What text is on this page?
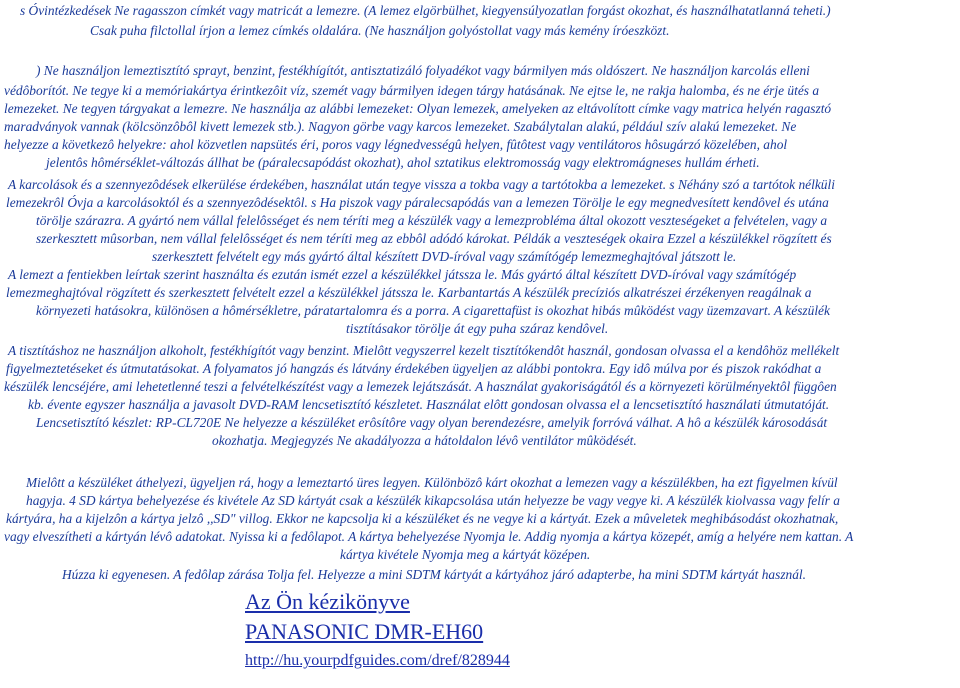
s Óvintézkedések Ne ragasszon címkét vagy matricát a lemezre. (A lemez elgörbülhet, kiegyensúlyozatlan forgást okozhat, és használhatatlanná teheti.)
Csak puha filctollal írjon a lemez címkés oldalára. (Ne használjon golyóstollat vagy más kemény íróeszközt.
) Ne használjon lemeztisztító sprayt, benzint, festékhígítót, antisztatizáló folyadékot vagy bármilyen más oldószert. Ne használjon karcolás elleni
védôborítót. Ne tegye ki a memóriakártya érintkezôit víz, szemét vagy bármilyen idegen tárgy hatásának. Ne ejtse le, ne rakja halomba, és ne érje ütés a
lemezeket. Ne tegyen tárgyakat a lemezre. Ne használja az alábbi lemezeket: Olyan lemezek, amelyeken az eltávolított címke vagy matrica helyén ragasztó
maradványok vannak (kölcsönzôbôl kivett lemezek stb.). Nagyon görbe vagy karcos lemezeket. Szabálytalan alakú, például szív alakú lemezeket. Ne
helyezze a következô helyekre: ahol közvetlen napsütés éri, poros vagy légnedvességû helyen, fûtôtest vagy ventilátoros hôsugárzó közelében, ahol
jelentôs hômérséklet-változás állhat be (páralecsapódást okozhat), ahol sztatikus elektromosság vagy elektromágneses hullám érheti.
A karcolások és a szennyezôdések elkerülése érdekében, használat után tegye vissza a tokba vagy a tartótokba a lemezeket. s Néhány szó a tartótok nélküli
lemezekrôl Óvja a karcolásoktól és a szennyezôdésektôl. s Ha piszok vagy páralecsapódás van a lemezen Törölje le egy megnedvesített kendôvel és utána
törölje szárazra. A gyártó nem vállal felelôsséget és nem téríti meg a készülék vagy a lemezprobléma által okozott veszteségeket a felvételen, vagy a
szerkesztett mûsorban, nem vállal felelôsséget és nem téríti meg az ebbôl adódó károkat. Példák a veszteségek okaira Ezzel a készülékkel rögzített és
szerkesztett felvételt egy más gyártó által készített DVD-íróval vagy számítógép lemezmeghajtóval játszott le.
A lemezt a fentiekben leírtak szerint használta és ezután ismét ezzel a készülékkel játssza le. Más gyártó által készített DVD-íróval vagy számítógép
lemezmeghajtóval rögzített és szerkesztett felvételt ezzel a készülékkel játssza le. Karbantartás A készülék precíziós alkatrészei érzékenyen reagálnak a
környezeti hatásokra, különösen a hômérsékletre, páratartalomra és a porra. A cigarettafüst is okozhat hibás mûködést vagy üzemzavart. A készülék
tisztításakor törölje át egy puha száraz kendôvel.
A tisztításhoz ne használjon alkoholt, festékhígítót vagy benzint. Mielôtt vegyszerrel kezelt tisztítókendôt használ, gondosan olvassa el a kendôhöz mellékelt
figyelmeztetéseket és útmutatásokat. A folyamatos jó hangzás és látvány érdekében ügyeljen az alábbi pontokra. Egy idô múlva por és piszok rakódhat a
készülék lencséjére, ami lehetetlenné teszi a felvételkészítést vagy a lemezek lejátszását. A használat gyakoriságától és a környezeti körülményektôl függôen
kb. évente egyszer használja a javasolt DVD-RAM lencsetisztító készletet. Használat elôtt gondosan olvassa el a lencsetisztító használati útmutatóját.
Lencsetisztító készlet: RP-CL720E Ne helyezze a készüléket erôsítôre vagy olyan berendezésre, amelyik forróvá válhat. A hô a készülék károsodását
okozhatja. Megjegyzés Ne akadályozza a hátoldalon lévô ventilátor mûködését.
Mielôtt a készüléket áthelyezi, ügyeljen rá, hogy a lemeztartó üres legyen. Különbözô kárt okozhat a lemezen vagy a készülékben, ha ezt figyelmen kívül
hagyja. 4 SD kártya behelyezése és kivétele Az SD kártyát csak a készülék kikapcsolása után helyezze be vagy vegye ki. A készülék kiolvassa vagy felír a
kártyára, ha a kijelzôn a kártya jelzô ,,SD" villog. Ekkor ne kapcsolja ki a készüléket és ne vegye ki a kártyát. Ezek a mûveletek meghibásodást okozhatnak,
vagy elveszítheti a kártyán lévô adatokat. Nyissa ki a fedôlapot. A kártya behelyezése Nyomja le. Addig nyomja a kártya közepét, amíg a helyére nem kattan. A
kártya kivétele Nyomja meg a kártyát középen.
Húzza ki egyenesen. A fedôlap zárása Tolja fel. Helyezze a mini SDTM kártyát a kártyához járó adapterbe, ha mini SDTM kártyát használ.
Az Ön kézikönyve
PANASONIC DMR-EH60
http://hu.yourpdfguides.com/dref/828944
